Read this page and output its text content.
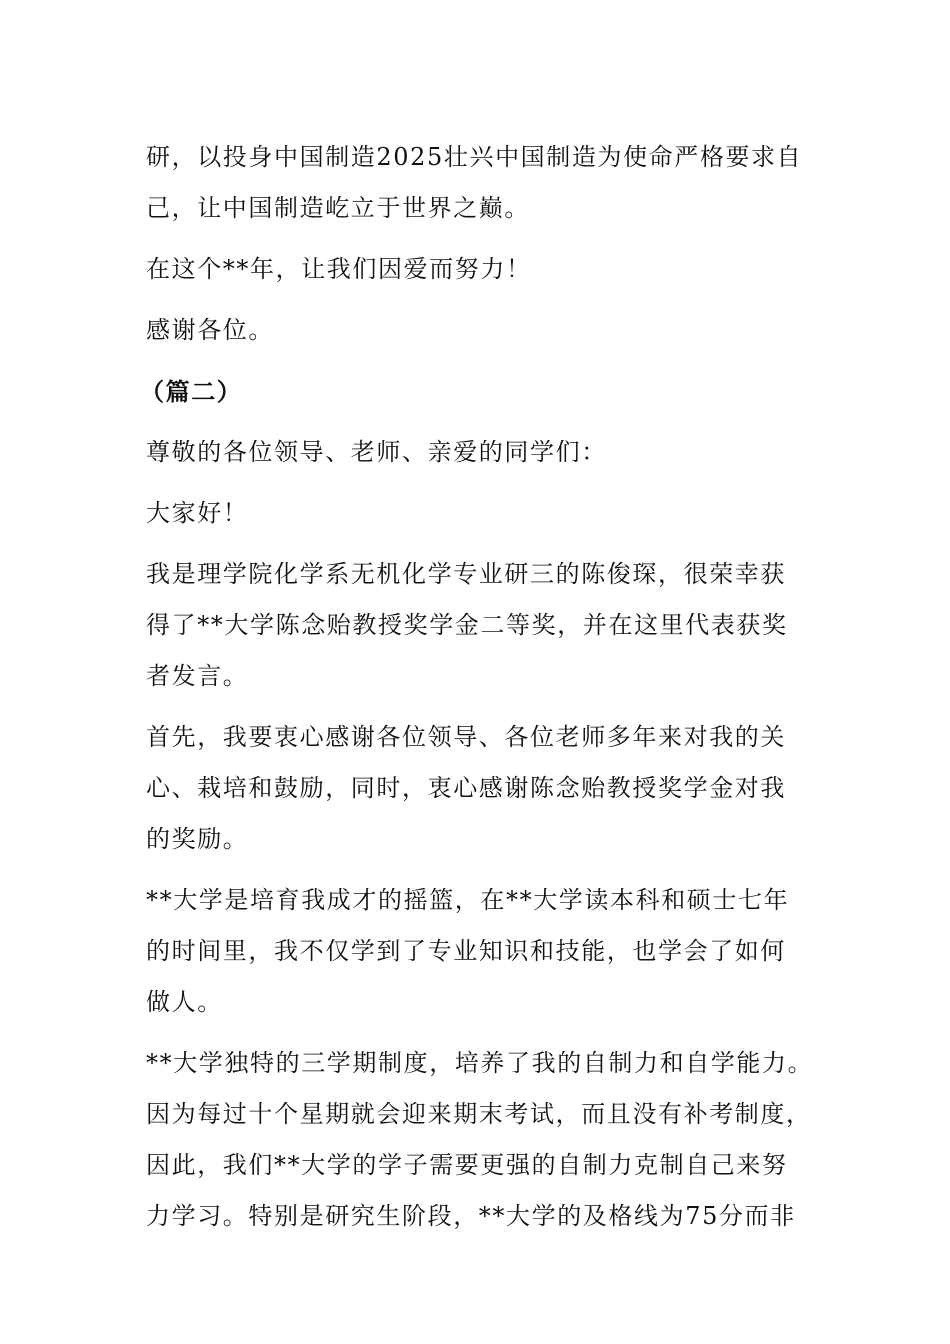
研，以投身中国制造2025壮兴中国制造为使命严格要求自
己，让中国制造屹立于世界之巅。

在这个**年，让我们因爱而努力！

感谢各位。

（篇二）

尊敬的各位领导、老师、亲爱的同学们：

大家好！

我是理学院化学系无机化学专业研三的陈俊琛，很荣幸获
得了**大学陈念贻教授奖学金二等奖，并在这里代表获奖
者发言。

首先，我要衷心感谢各位领导、各位老师多年来对我的关
心、栽培和鼓励，同时，衷心感谢陈念贻教授奖学金对我
的奖励。

**大学是培育我成才的摇篮，在**大学读本科和硕士七年
的时间里，我不仅学到了专业知识和技能，也学会了如何
做人。

**大学独特的三学期制度，培养了我的自制力和自学能力。
因为每过十个星期就会迎来期末考试，而且没有补考制度，
因此，我们**大学的学子需要更强的自制力克制自己来努
力学习。特别是研究生阶段，**大学的及格线为75分而非
